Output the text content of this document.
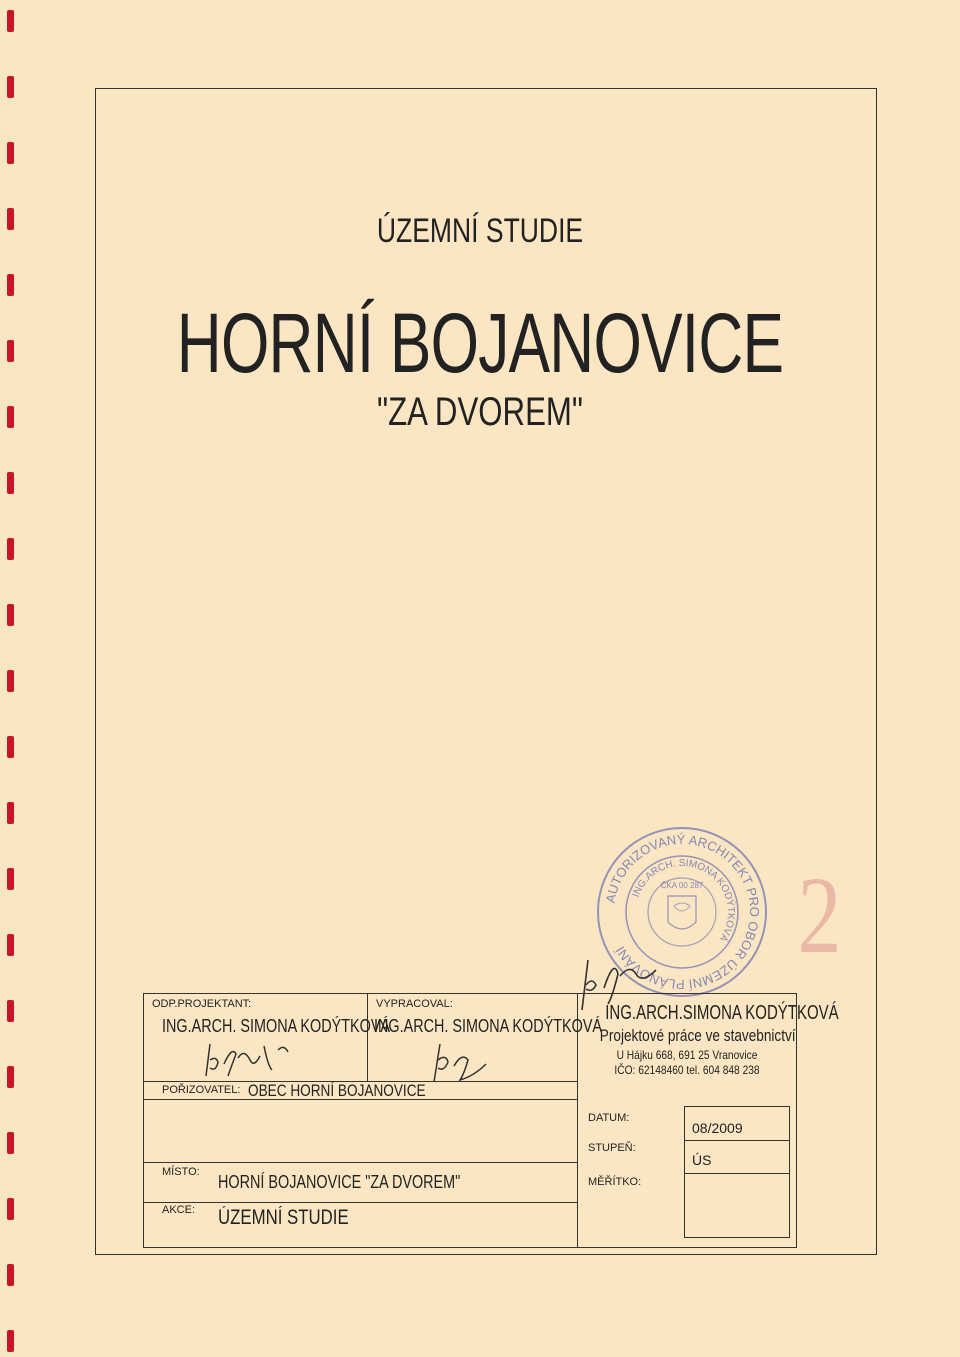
ÚZEMNÍ STUDIE
HORNÍ BOJANOVICE
"ZA DVOREM"
AUTORIZOVANÝ ARCHITEKT PRO OBOR ÚZEMNÍ PLÁNOVÁNÍ
ING.ARCH. SIMONA KODÝTKOVÁ
ČKA 00 287 2
ODP.PROJEKTANT:
ING.ARCH. SIMONA KODÝTKOVÁ
VYPRACOVAL:
ING.ARCH. SIMONA KODÝTKOVÁ
ING.ARCH.SIMONA KODÝTKOVÁ
Projektové práce ve stavebnictví
U Hájku 668, 691 25 Vranovice
IČO: 62148460 tel. 604 848 238
POŘIZOVATEL: OBEC HORNÍ BOJANOVICE
MÍSTO: HORNÍ BOJANOVICE "ZA DVOREM"
AKCE: ÚZEMNÍ STUDIE
DATUM:
08/2009
STUPEŇ:
ÚS
MĚŘÍTKO:
